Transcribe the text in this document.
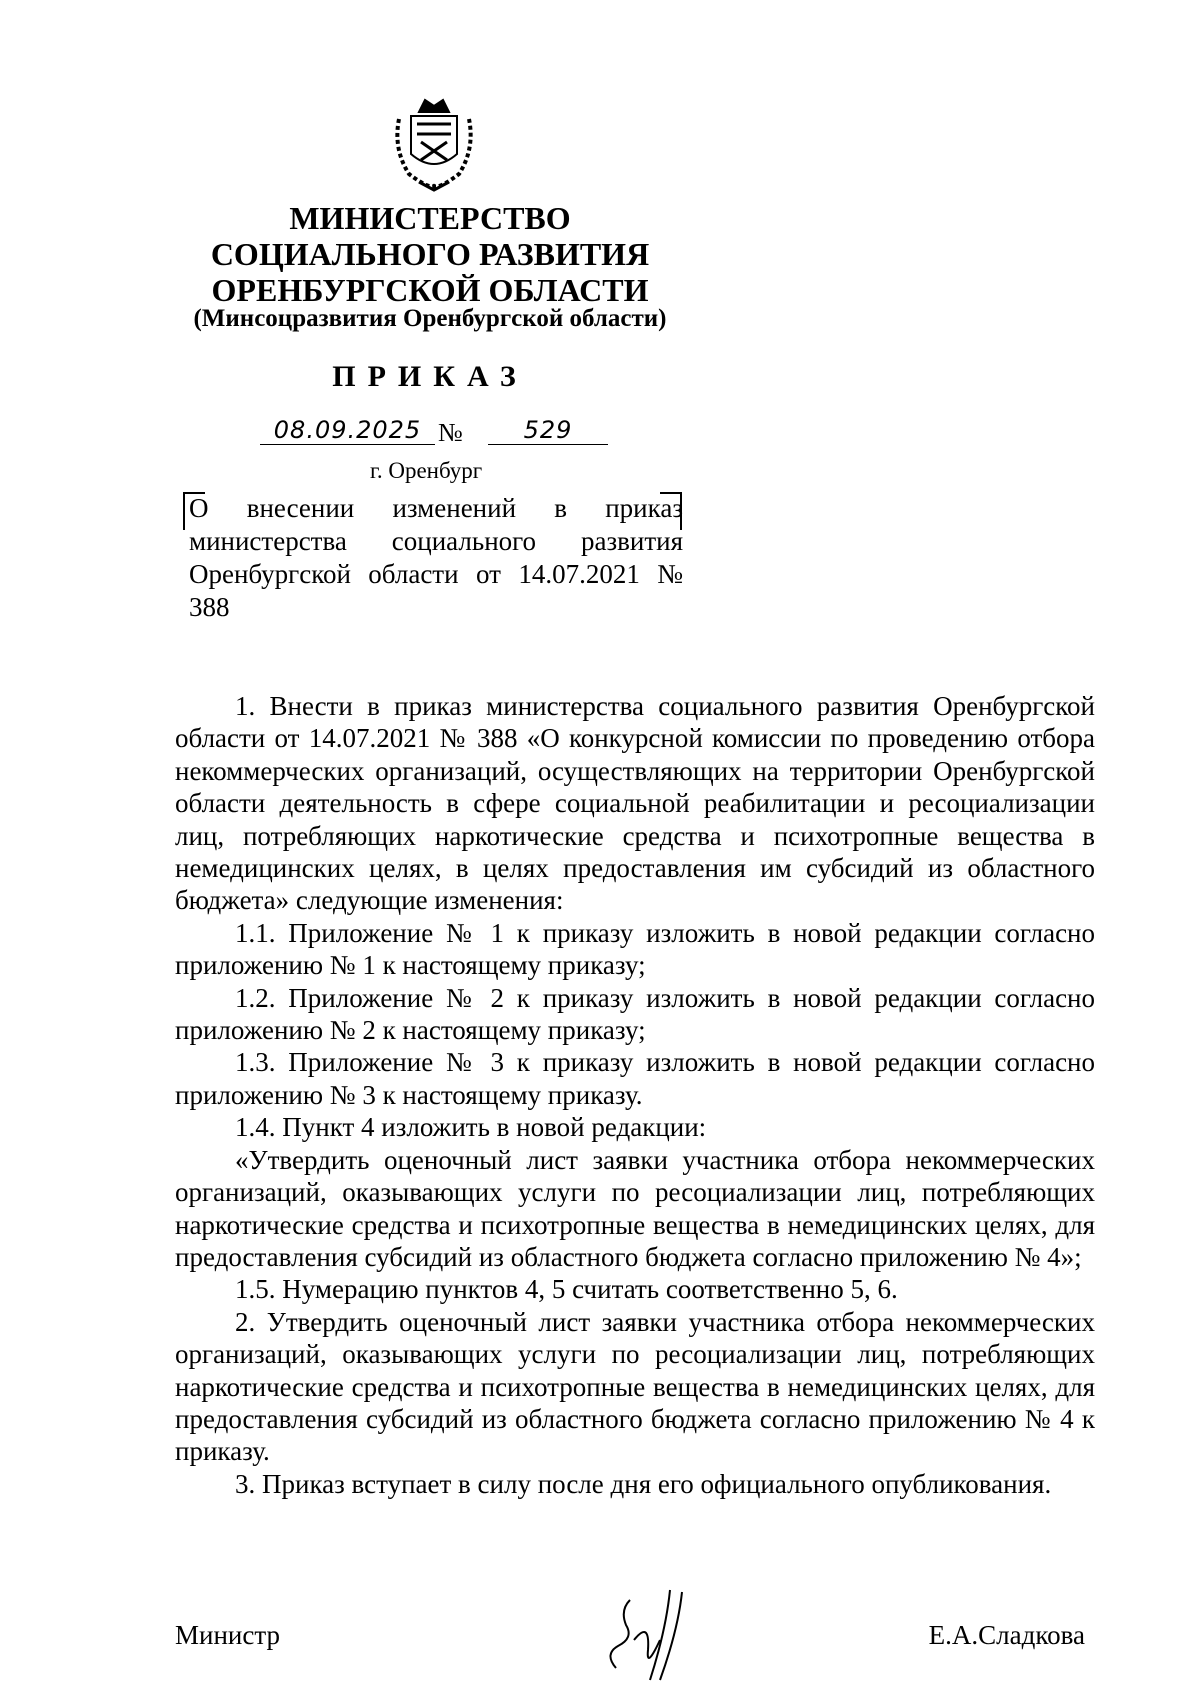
МИНИСТЕРСТВО
СОЦИАЛЬНОГО РАЗВИТИЯ
ОРЕНБУРГСКОЙ ОБЛАСТИ
(Минсоцразвития Оренбургской области)
ПРИКАЗ
08.09.2025 №	529
г. Оренбург
О внесении изменений в приказ министерства социального развития Оренбургской области от 14.07.2021 № 388

1. Внести в приказ министерства социального развития Оренбургской области от 14.07.2021 № 388 «О конкурсной комиссии по проведению отбора некоммерческих организаций, осуществляющих на территории Оренбургской области деятельность в сфере социальной реабилитации и ресоциализации лиц, потребляющих наркотические средства и психотропные вещества в немедицинских целях, в целях предоставления им субсидий из областного бюджета» следующие изменения:

1.1. Приложение № 1 к приказу изложить в новой редакции согласно приложению № 1 к настоящему приказу;

1.2. Приложение № 2 к приказу изложить в новой редакции согласно приложению № 2 к настоящему приказу;

1.3. Приложение № 3 к приказу изложить в новой редакции согласно приложению № 3 к настоящему приказу.

1.4. Пункт 4 изложить в новой редакции:

«Утвердить оценочный лист заявки участника отбора некоммерческих организаций, оказывающих услуги по ресоциализации лиц, потребляющих наркотические средства и психотропные вещества в немедицинских целях, для предоставления субсидий из областного бюджета согласно приложению № 4»;

1.5. Нумерацию пунктов 4, 5 считать соответственно 5, 6.

2. Утвердить оценочный лист заявки участника отбора некоммерческих организаций, оказывающих услуги по ресоциализации лиц, потребляющих наркотические средства и психотропные вещества в немедицинских целях, для предоставления субсидий из областного бюджета согласно приложению № 4 к приказу.

3. Приказ вступает в силу после дня его официального опубликования.

Министр	Е.А.Сладкова
